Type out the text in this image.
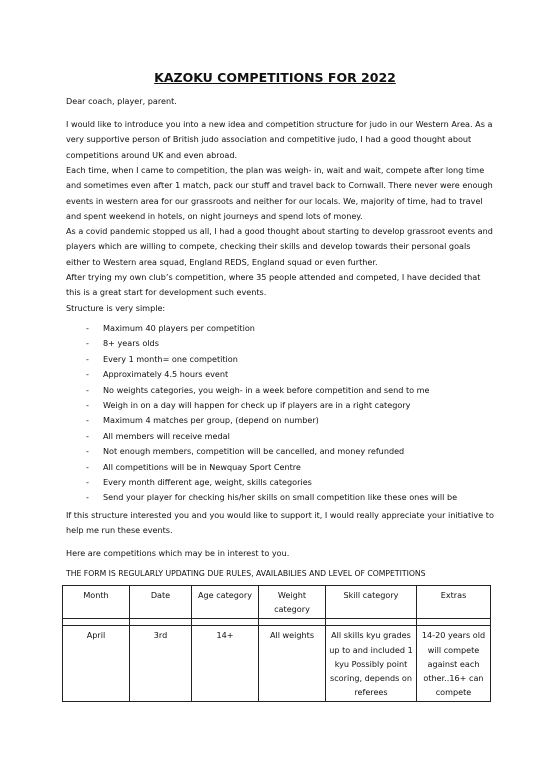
KAZOKU COMPETITIONS FOR 2022

Dear coach, player, parent.

I would like to introduce you into a new idea and competition structure for judo in our Western Area. As a very supportive person of British judo association and competitive judo, I had a good thought about competitions around UK and even abroad.

Each time, when I came to competition, the plan was weigh- in, wait and wait, compete after long time and sometimes even after 1 match, pack our stuff and travel back to Cornwall. There never were enough events in western area for our grassroots and neither for our locals. We, majority of time, had to travel and spent weekend in hotels, on night journeys and spend lots of money.

As a covid pandemic stopped us all, I had a good thought about starting to develop grassroot events and players which are willing to compete, checking their skills and develop towards their personal goals either to Western area squad, England REDS, England squad or even further.

After trying my own club’s competition, where 35 people attended and competed, I have decided that this is a great start for development such events.

Structure is very simple:

- Maximum 40 players per competition
- 8+ years olds
- Every 1 month= one competition
- Approximately 4.5 hours event
- No weights categories, you weigh- in a week before competition and send to me
- Weigh in on a day will happen for check up if players are in a right category
- Maximum 4 matches per group, (depend on number)
- All members will receive medal
- Not enough members, competition will be cancelled, and money refunded
- All competitions will be in Newquay Sport Centre
- Every month different age, weight, skills categories
- Send your player for checking his/her skills on small competition like these ones will be

If this structure interested you and you would like to support it, I would really appreciate your initiative to help me run these events.

Here are competitions which may be in interest to you.

THE FORM IS REGULARLY UPDATING DUE RULES, AVAILABILIES AND LEVEL OF COMPETITIONS

Month	Date	Age category	Weight category	Skill category	Extras

April	3rd	14+	All weights	All skills kyu grades up to and included 1 kyu Possibly point scoring, depends on referees	14-20 years old will compete against each other..16+ can compete
